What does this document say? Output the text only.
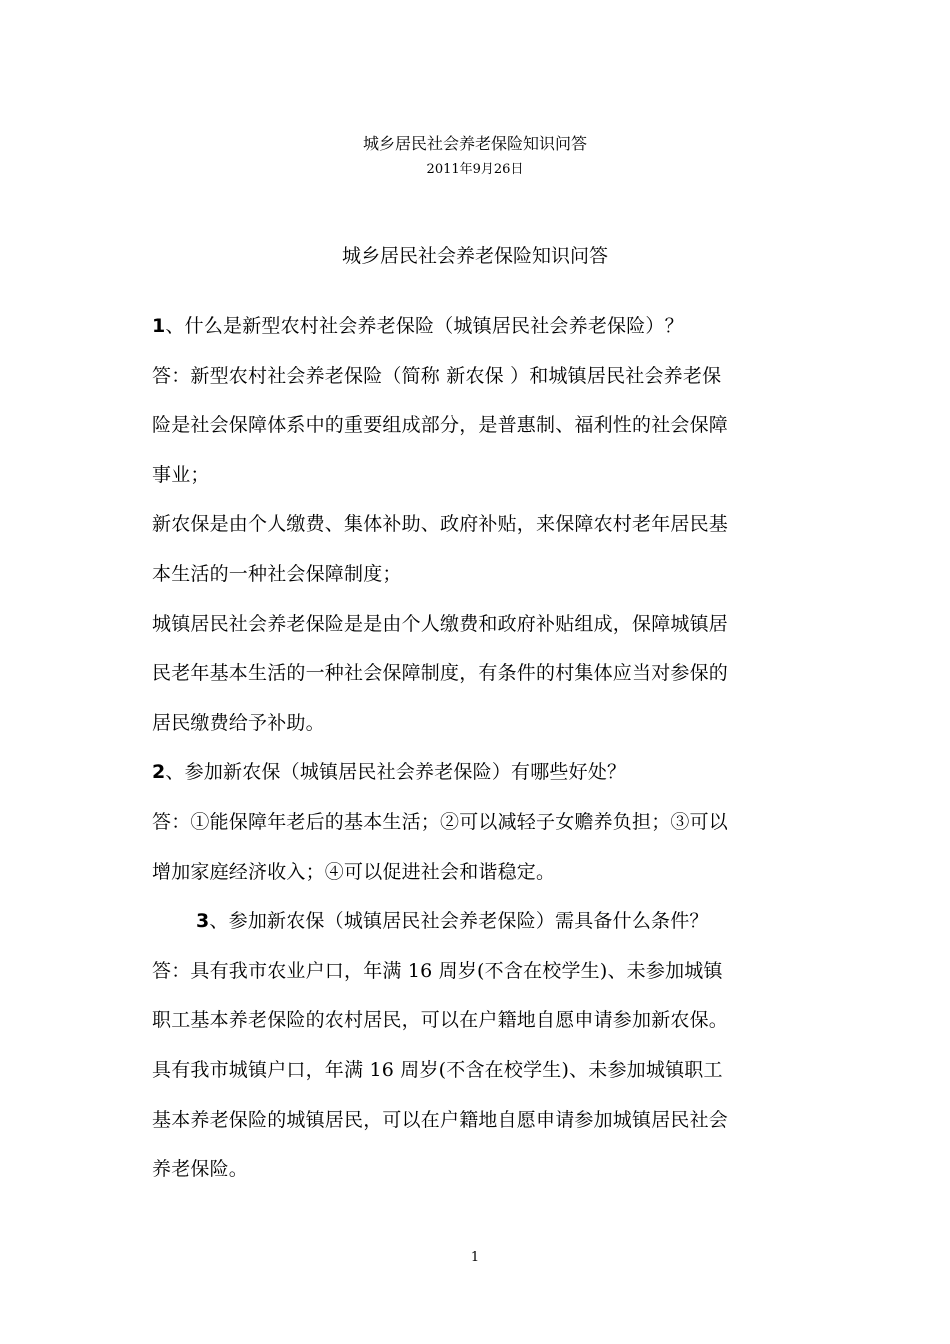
城乡居民社会养老保险知识问答
2011年9月26日
城乡居民社会养老保险知识问答
1、什么是新型农村社会养老保险（城镇居民社会养老保险）？
答：新型农村社会养老保险（简称 新农保 ）和城镇居民社会养老保
险是社会保障体系中的重要组成部分，是普惠制、福利性的社会保障
事业；
新农保是由个人缴费、集体补助、政府补贴，来保障农村老年居民基
本生活的一种社会保障制度；
城镇居民社会养老保险是是由个人缴费和政府补贴组成，保障城镇居
民老年基本生活的一种社会保障制度，有条件的村集体应当对参保的
居民缴费给予补助。
2、参加新农保（城镇居民社会养老保险）有哪些好处？
答：①能保障年老后的基本生活；②可以减轻子女赡养负担；③可以
增加家庭经济收入；④可以促进社会和谐稳定。
3、参加新农保（城镇居民社会养老保险）需具备什么条件？
答：具有我市农业户口，年满 16 周岁(不含在校学生)、未参加城镇
职工基本养老保险的农村居民，可以在户籍地自愿申请参加新农保。
具有我市城镇户口，年满 16 周岁(不含在校学生)、未参加城镇职工
基本养老保险的城镇居民，可以在户籍地自愿申请参加城镇居民社会
养老保险。
1
